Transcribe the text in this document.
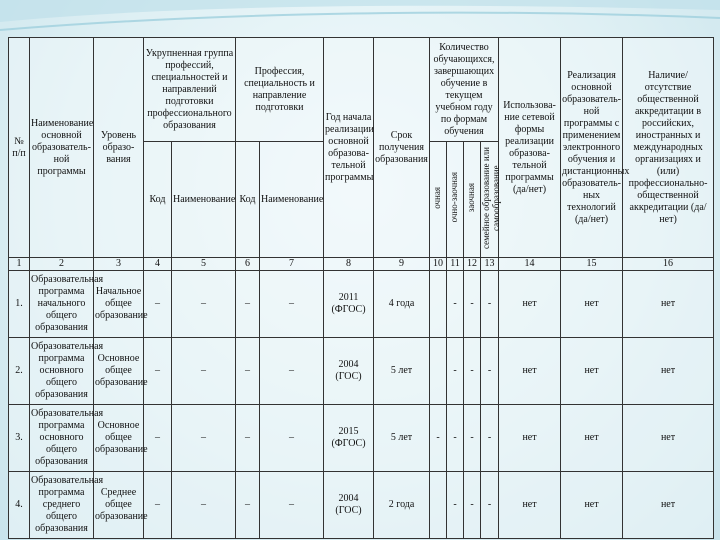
№ п/п	Наименование основной образователь-ной программы	Уровень образо-вания	Укрупненная группа профессий, специальностей и направлений подготовки профессионального образования		Профессия, специальность и направление подготовки		Год начала реализации основной образова-тельной программы	Срок получения образования	Количество обучающихся, завершающих обучение в текущем учебном году по формам обучения				Использова-ние сетевой формы реализации образова-тельной программы (да/нет)	Реализация основной образователь-ной программы с применением электронного обучения и дистанционных образователь-ных технологий (да/нет)	Наличие/ отсутствие общественной аккредитации в российских, иностранных и международных организациях и (или) профессионально-общественной аккредитации (да/нет)
			Код	Наименование	Код	Наименование			очная	очно-заочная	заочная	семейное образование или самообразование			
1	2	3	4	5	6	7	8	9	10	11	12	13	14	15	16
1.	Образовательная программа начального общего образования	Начальное общее образование	–	–	–	–	2011 (ФГОС)	4 года		-	-	-	нет	нет	нет
2.	Образовательная программа основного общего образования	Основное общее образование	–	–	–	–	2004 (ГОС)	5 лет		-	-	-	нет	нет	нет
3.	Образовательная программа основного общего образования	Основное общее образование	–	–	–	–	2015 (ФГОС)	5 лет	-	-	-	-	нет	нет	нет
4.	Образовательная программа среднего общего образования	Среднее общее образование	–	–	–	–	2004 (ГОС)	2 года		-	-	-	нет	нет	нет
